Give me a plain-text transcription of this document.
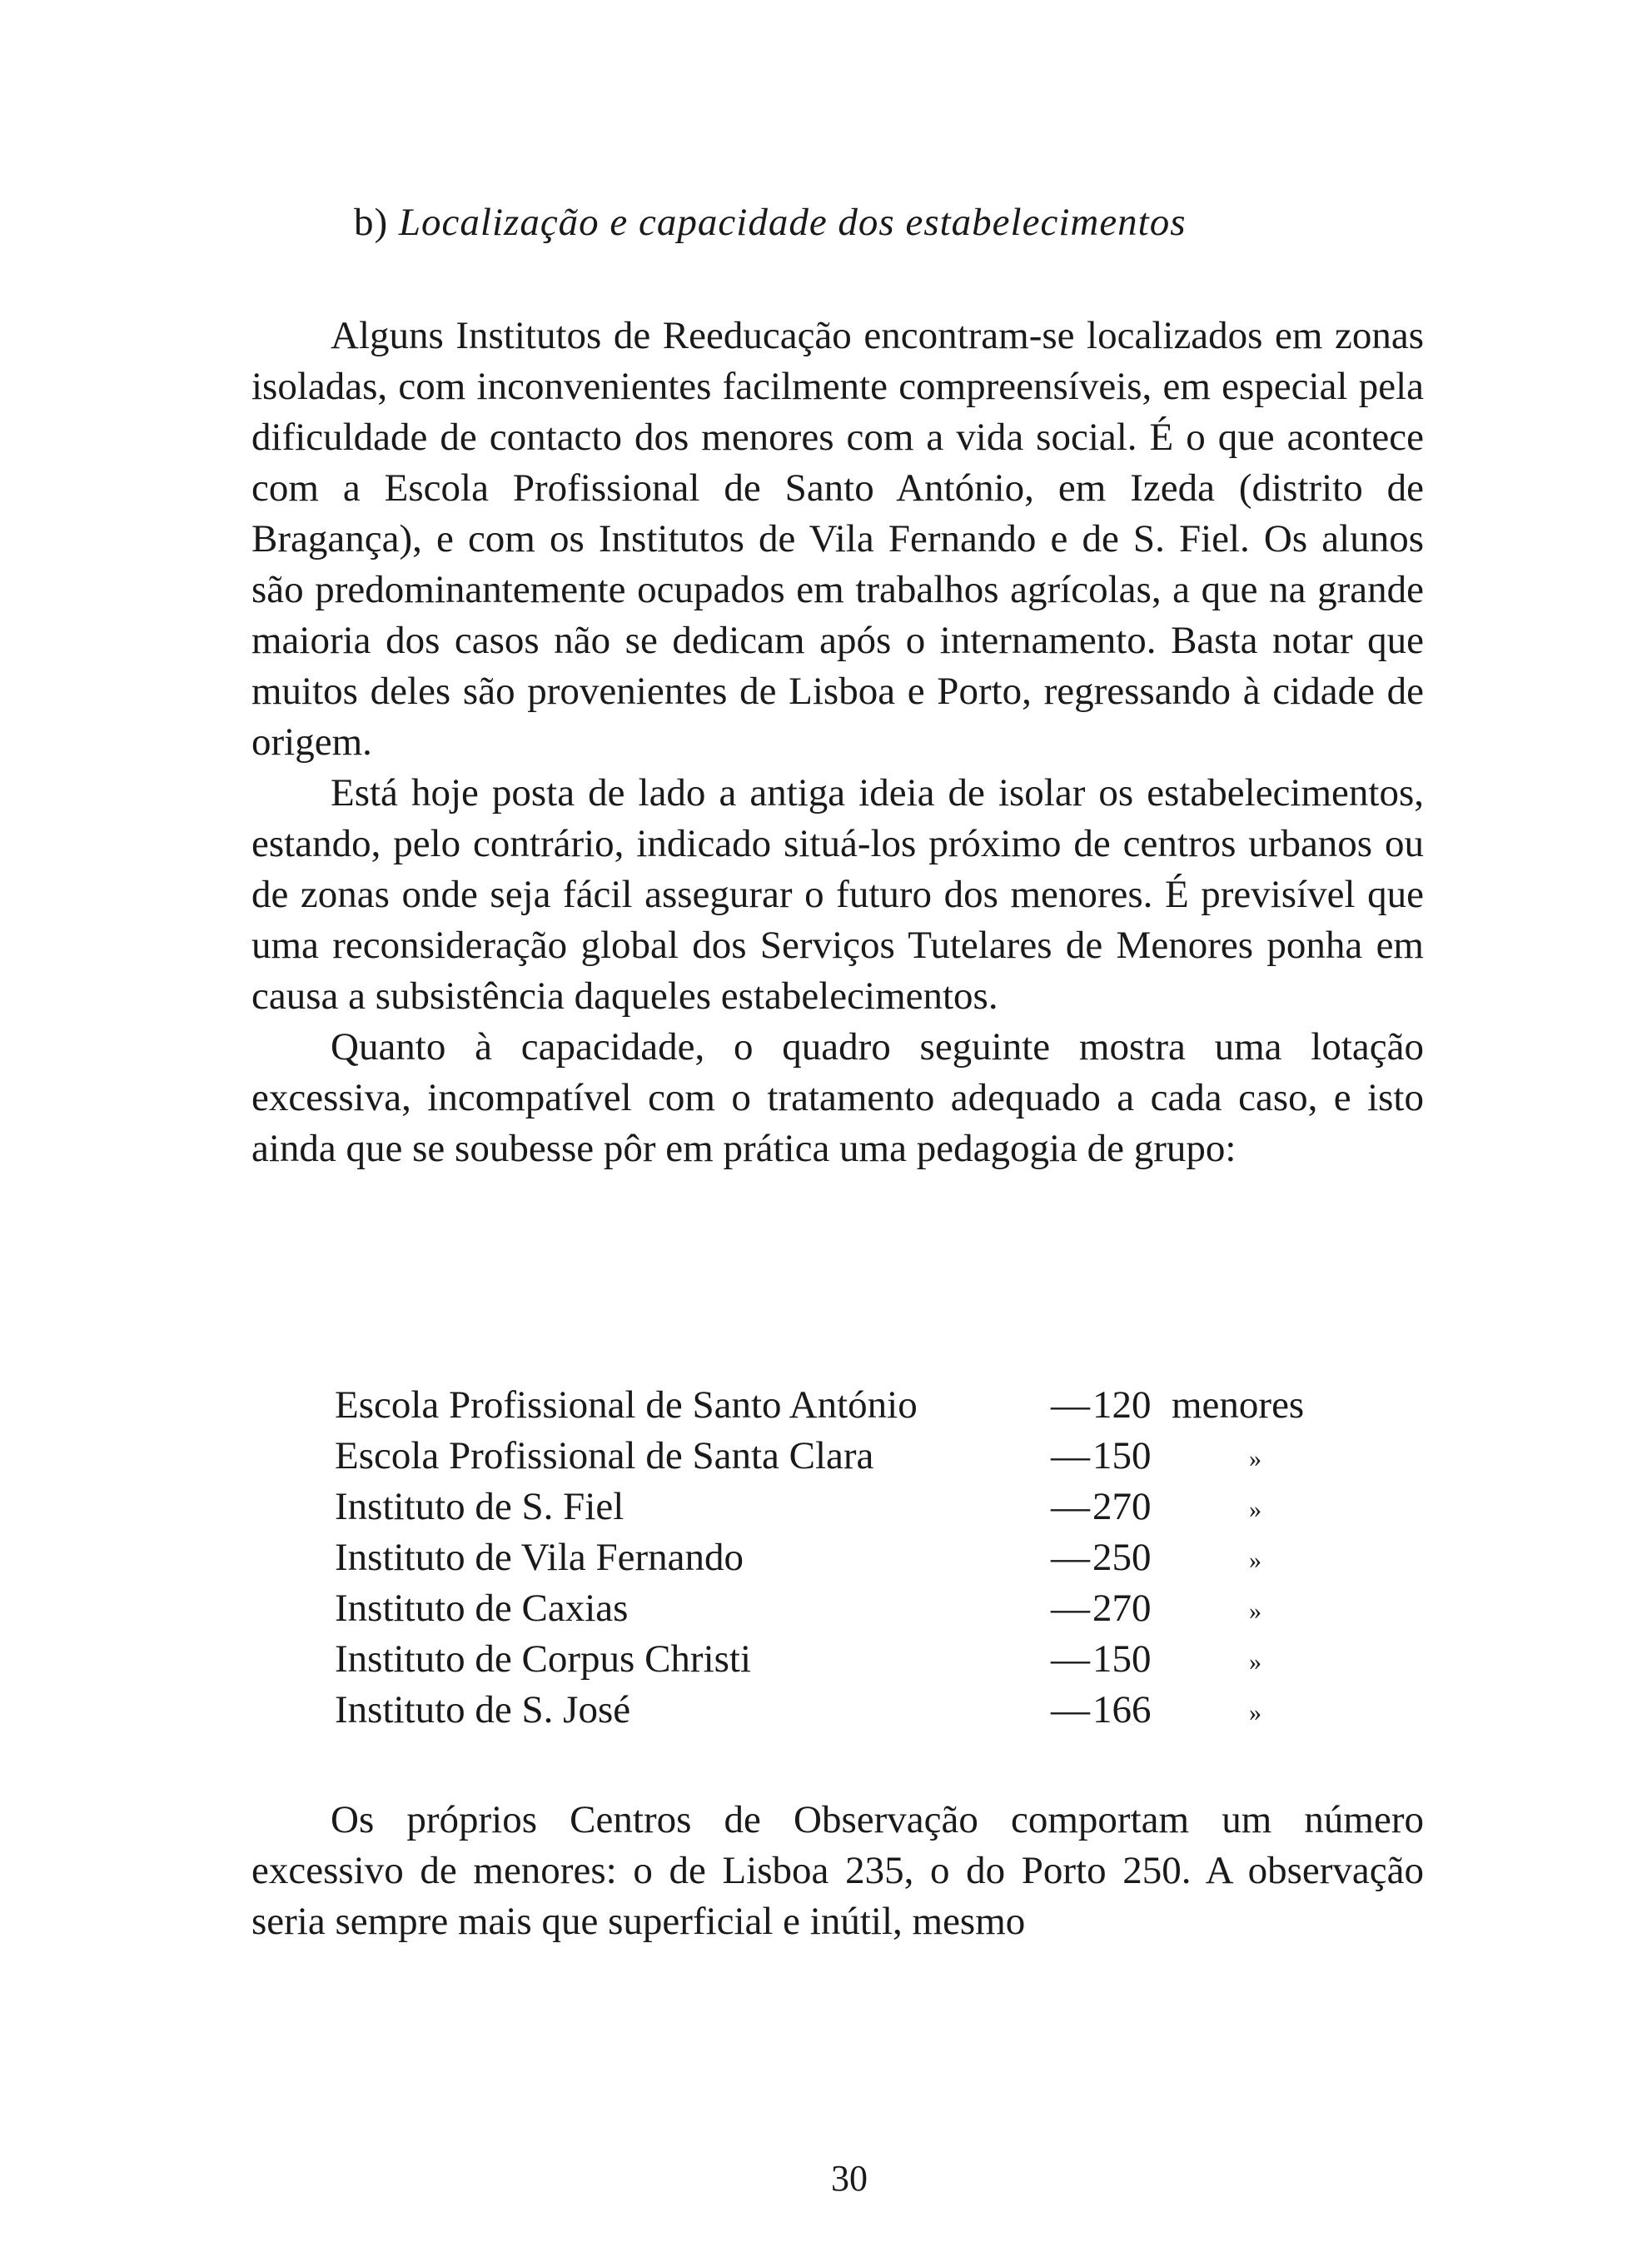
b) Localização e capacidade dos estabelecimentos

Alguns Institutos de Reeducação encontram-se localizados em zonas isoladas, com inconvenientes facilmente compreensíveis, em especial pela dificuldade de contacto dos menores com a vida social. É o que acontece com a Escola Profissional de Santo António, em Izeda (distrito de Bragança), e com os Institutos de Vila Fernando e de S. Fiel. Os alunos são predominantemente ocupados em trabalhos agrícolas, a que na grande maioria dos casos não se dedicam após o internamento. Basta notar que muitos deles são provenientes de Lisboa e Porto, regressando à cidade de origem.

Está hoje posta de lado a antiga ideia de isolar os estabelecimentos, estando, pelo contrário, indicado situá-los próximo de centros urbanos ou de zonas onde seja fácil assegurar o futuro dos menores. É previsível que uma reconsideração global dos Serviços Tutelares de Menores ponha em causa a subsistência daqueles estabelecimentos.

Quanto à capacidade, o quadro seguinte mostra uma lotação excessiva, incompatível com o tratamento adequado a cada caso, e isto ainda que se soubesse pôr em prática uma pedagogia de grupo:

Escola Profissional de Santo António	— 120 menores
Escola Profissional de Santa Clara	— 150	»
Instituto de S. Fiel	— 270	»
Instituto de Vila Fernando	— 250	»
Instituto de Caxias	— 270	»
Instituto de Corpus Christi	— 150	»
Instituto de S. José	— 166	»

Os próprios Centros de Observação comportam um número excessivo de menores: o de Lisboa 235, o do Porto 250. A observação seria sempre mais que superficial e inútil, mesmo

30
